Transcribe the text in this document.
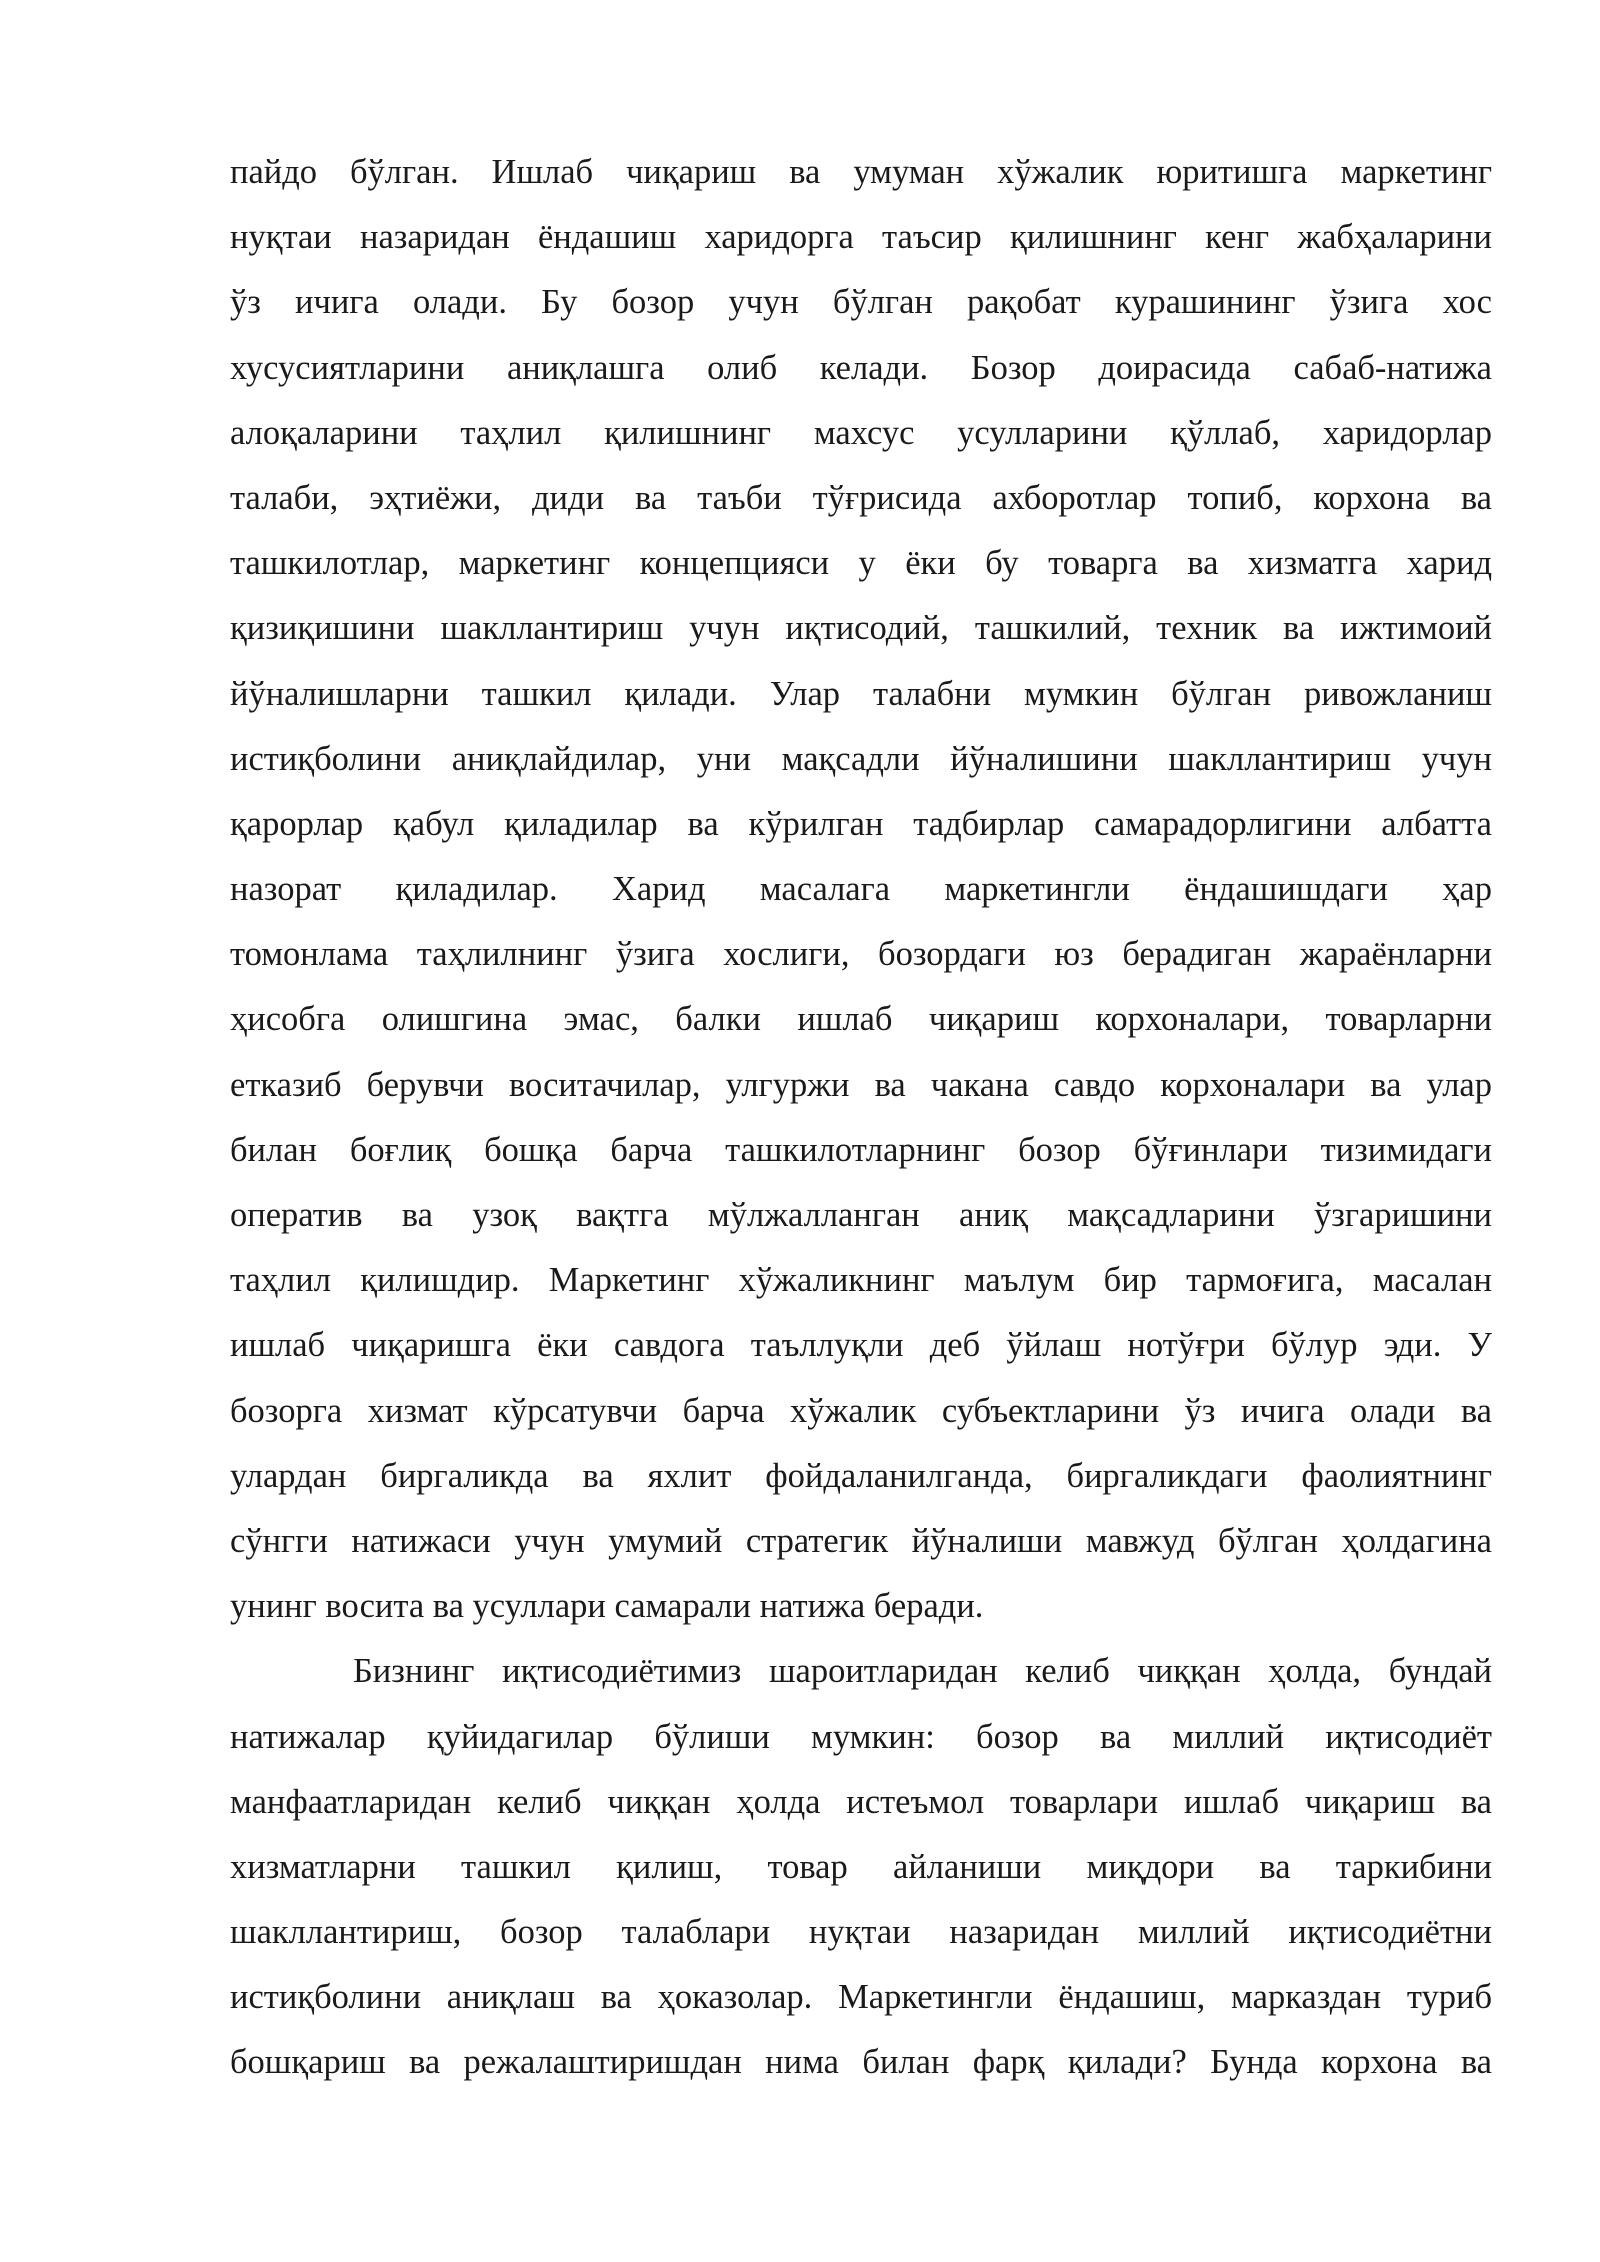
пайдо бўлган. Ишлаб чиқариш ва умуман хўжалик юритишга маркетинг
нуқтаи назаридан ёндашиш харидорга таъсир қилишнинг кенг жабҳаларини
ўз ичига олади. Бу бозор учун бўлган рақобат курашининг ўзига хос
хусусиятларини аниқлашга олиб келади. Бозор доирасида сабаб-натижа
алоқаларини таҳлил қилишнинг махсус усулларини қўллаб, харидорлар
талаби, эҳтиёжи, диди ва таъби тўғрисида ахборотлар топиб, корхона ва
ташкилотлар, маркетинг концепцияси у ёки бу товарга ва хизматга харид
қизиқишини шакллантириш учун иқтисодий, ташкилий, техник ва ижтимоий
йўналишларни ташкил қилади. Улар талабни мумкин бўлган ривожланиш
истиқболини аниқлайдилар, уни мақсадли йўналишини шакллантириш учун
қарорлар қабул қиладилар ва кўрилган тадбирлар самарадорлигини албатта
назорат қиладилар. Харид масалага маркетингли ёндашишдаги ҳар
томонлама таҳлилнинг ўзига хослиги, бозордаги юз берадиган жараёнларни
ҳисобга олишгина эмас, балки ишлаб чиқариш корхоналари, товарларни
етказиб берувчи воситачилар, улгуржи ва чакана савдо корхоналари ва улар
билан боғлиқ бошқа барча ташкилотларнинг бозор бўғинлари тизимидаги
оператив ва узоқ вақтга мўлжалланган аниқ мақсадларини ўзгаришини
таҳлил қилишдир. Маркетинг хўжаликнинг маълум бир тармоғига, масалан
ишлаб чиқаришга ёки савдога таъллуқли деб ўйлаш нотўғри бўлур эди. У
бозорга хизмат кўрсатувчи барча хўжалик субъектларини ўз ичига олади ва
улардан биргаликда ва яхлит фойдаланилганда, биргаликдаги фаолиятнинг
сўнгги натижаси учун умумий стратегик йўналиши мавжуд бўлган ҳолдагина
унинг восита ва усуллари самарали натижа беради.
Бизнинг иқтисодиётимиз шароитларидан келиб чиққан ҳолда, бундай
натижалар қуйидагилар бўлиши мумкин: бозор ва миллий иқтисодиёт
манфаатларидан келиб чиққан ҳолда истеъмол товарлари ишлаб чиқариш ва
хизматларни ташкил қилиш, товар айланиши миқдори ва таркибини
шакллантириш, бозор талаблари нуқтаи назаридан миллий иқтисодиётни
истиқболини аниқлаш ва ҳоказолар. Маркетингли ёндашиш, марказдан туриб
бошқариш ва режалаштиришдан нима билан фарқ қилади? Бунда корхона ва
